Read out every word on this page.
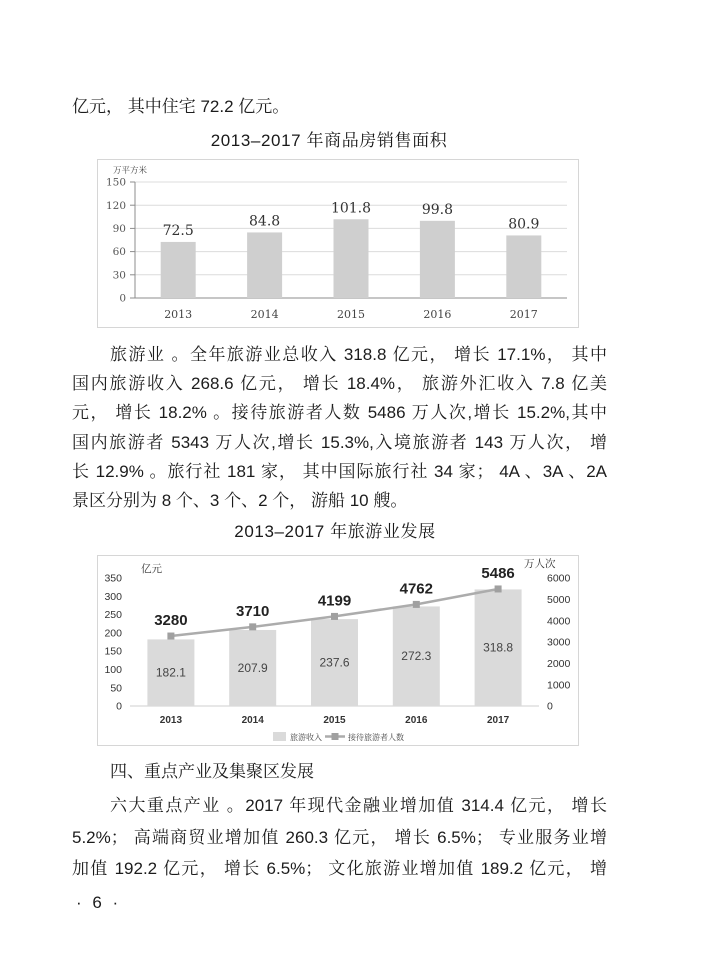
亿元， 其中住宅 72.2 亿元。
2013–2017 年商品房销售面积
万平方米
0
30
60
90
120
150
72.5
2013
84.8
2014
101.8
2015
99.8
2016
80.9
2017
旅游业 。全年旅游业总收入 318.8 亿元， 增长 17.1%， 其中
国内旅游收入 268.6 亿元， 增长 18.4%， 旅游外汇收入 7.8 亿美
元， 增长 18.2% 。接待旅游者人数 5486 万人次,增长 15.2%,其中
国内旅游者 5343 万人次,增长 15.3%,入境旅游者 143 万人次， 增
长 12.9% 。旅行社 181 家， 其中国际旅行社 34 家； 4A 、3A 、2A
景区分别为 8 个、3 个、2 个， 游船 10 艘。
2013–2017 年旅游业发展
亿元	万人次
旅游收入	接待旅游者人数
0
50
100
150
200
250
300
350
0
1000
2000
3000
4000
5000
6000
182.1
2013
207.9
2014
237.6
2015
272.3
2016
318.8
2017
3280
3710
4199
4762
5486
四、重点产业及集聚区发展
六大重点产业 。2017 年现代金融业增加值 314.4 亿元， 增长
5.2%； 高端商贸业增加值 260.3 亿元， 增长 6.5%； 专业服务业增
加值 192.2 亿元， 增长 6.5%； 文化旅游业增加值 189.2 亿元， 增
· 6 ·
